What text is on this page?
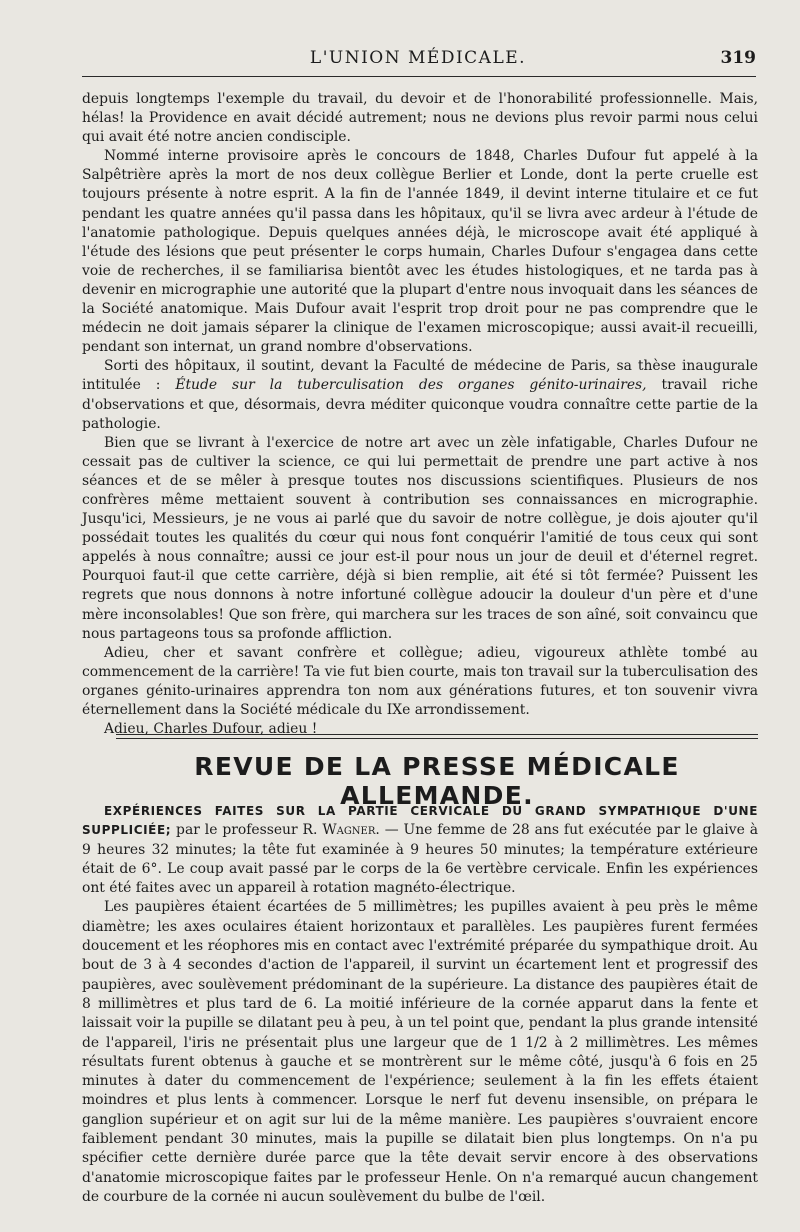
L'UNION MÉDICALE.	319

depuis longtemps l'exemple du travail, du devoir et de l'honorabilité professionnelle. Mais, hélas! la Providence en avait décidé autrement; nous ne devions plus revoir parmi nous celui qui avait été notre ancien condisciple.

Nommé interne provisoire après le concours de 1848, Charles Dufour fut appelé à la Salpêtrière après la mort de nos deux collègue Berlier et Londe, dont la perte cruelle est toujours présente à notre esprit. A la fin de l'année 1849, il devint interne titulaire et ce fut pendant les quatre années qu'il passa dans les hôpitaux, qu'il se livra avec ardeur à l'étude de l'anatomie pathologique. Depuis quelques années déjà, le microscope avait été appliqué à l'étude des lésions que peut présenter le corps humain, Charles Dufour s'engagea dans cette voie de recherches, il se familiarisa bientôt avec les études histologiques, et ne tarda pas à devenir en micrographie une autorité que la plupart d'entre nous invoquait dans les séances de la Société anatomique. Mais Dufour avait l'esprit trop droit pour ne pas comprendre que le médecin ne doit jamais séparer la clinique de l'examen microscopique; aussi avait-il recueilli, pendant son internat, un grand nombre d'observations.

Sorti des hôpitaux, il soutint, devant la Faculté de médecine de Paris, sa thèse inaugurale intitulée : Étude sur la tuberculisation des organes génito-urinaires, travail riche d'observations et que, désormais, devra méditer quiconque voudra connaître cette partie de la pathologie.

Bien que se livrant à l'exercice de notre art avec un zèle infatigable, Charles Dufour ne cessait pas de cultiver la science, ce qui lui permettait de prendre une part active à nos séances et de se mêler à presque toutes nos discussions scientifiques. Plusieurs de nos confrères même mettaient souvent à contribution ses connaissances en micrographie. Jusqu'ici, Messieurs, je ne vous ai parlé que du savoir de notre collègue, je dois ajouter qu'il possédait toutes les qualités du cœur qui nous font conquérir l'amitié de tous ceux qui sont appelés à nous connaître; aussi ce jour est-il pour nous un jour de deuil et d'éternel regret. Pourquoi faut-il que cette carrière, déjà si bien remplie, ait été si tôt fermée? Puissent les regrets que nous donnons à notre infortuné collègue adoucir la douleur d'un père et d'une mère inconsolables! Que son frère, qui marchera sur les traces de son aîné, soit convaincu que nous partageons tous sa profonde affliction.

Adieu, cher et savant confrère et collègue; adieu, vigoureux athlète tombé au commencement de la carrière! Ta vie fut bien courte, mais ton travail sur la tuberculisation des organes génito-urinaires apprendra ton nom aux générations futures, et ton souvenir vivra éternellement dans la Société médicale du IXe arrondissement.

Adieu, Charles Dufour, adieu !

REVUE DE LA PRESSE MÉDICALE ALLEMANDE.

EXPÉRIENCES FAITES SUR LA PARTIE CERVICALE DU GRAND SYMPATHIQUE D'UNE SUPPLICIÉE; par le professeur R. Wagner. — Une femme de 28 ans fut exécutée par le glaive à 9 heures 32 minutes; la tête fut examinée à 9 heures 50 minutes; la température extérieure était de 6°. Le coup avait passé par le corps de la 6e vertèbre cervicale. Enfin les expériences ont été faites avec un appareil à rotation magnéto-électrique.

Les paupières étaient écartées de 5 millimètres; les pupilles avaient à peu près le même diamètre; les axes oculaires étaient horizontaux et parallèles. Les paupières furent fermées doucement et les réophores mis en contact avec l'extrémité préparée du sympathique droit. Au bout de 3 à 4 secondes d'action de l'appareil, il survint un écartement lent et progressif des paupières, avec soulèvement prédominant de la supérieure. La distance des paupières était de 8 millimètres et plus tard de 6. La moitié inférieure de la cornée apparut dans la fente et laissait voir la pupille se dilatant peu à peu, à un tel point que, pendant la plus grande intensité de l'appareil, l'iris ne présentait plus une largeur que de 1 1/2 à 2 millimètres. Les mêmes résultats furent obtenus à gauche et se montrèrent sur le même côté, jusqu'à 6 fois en 25 minutes à dater du commencement de l'expérience; seulement à la fin les effets étaient moindres et plus lents à commencer. Lorsque le nerf fut devenu insensible, on prépara le ganglion supérieur et on agit sur lui de la même manière. Les paupières s'ouvraient encore faiblement pendant 30 minutes, mais la pupille se dilatait bien plus longtemps. On n'a pu spécifier cette dernière durée parce que la tête devait servir encore à des observations d'anatomie microscopique faites par le professeur Henle. On n'a remarqué aucun changement de courbure de la cornée ni aucun soulèvement du bulbe de l'œil.
